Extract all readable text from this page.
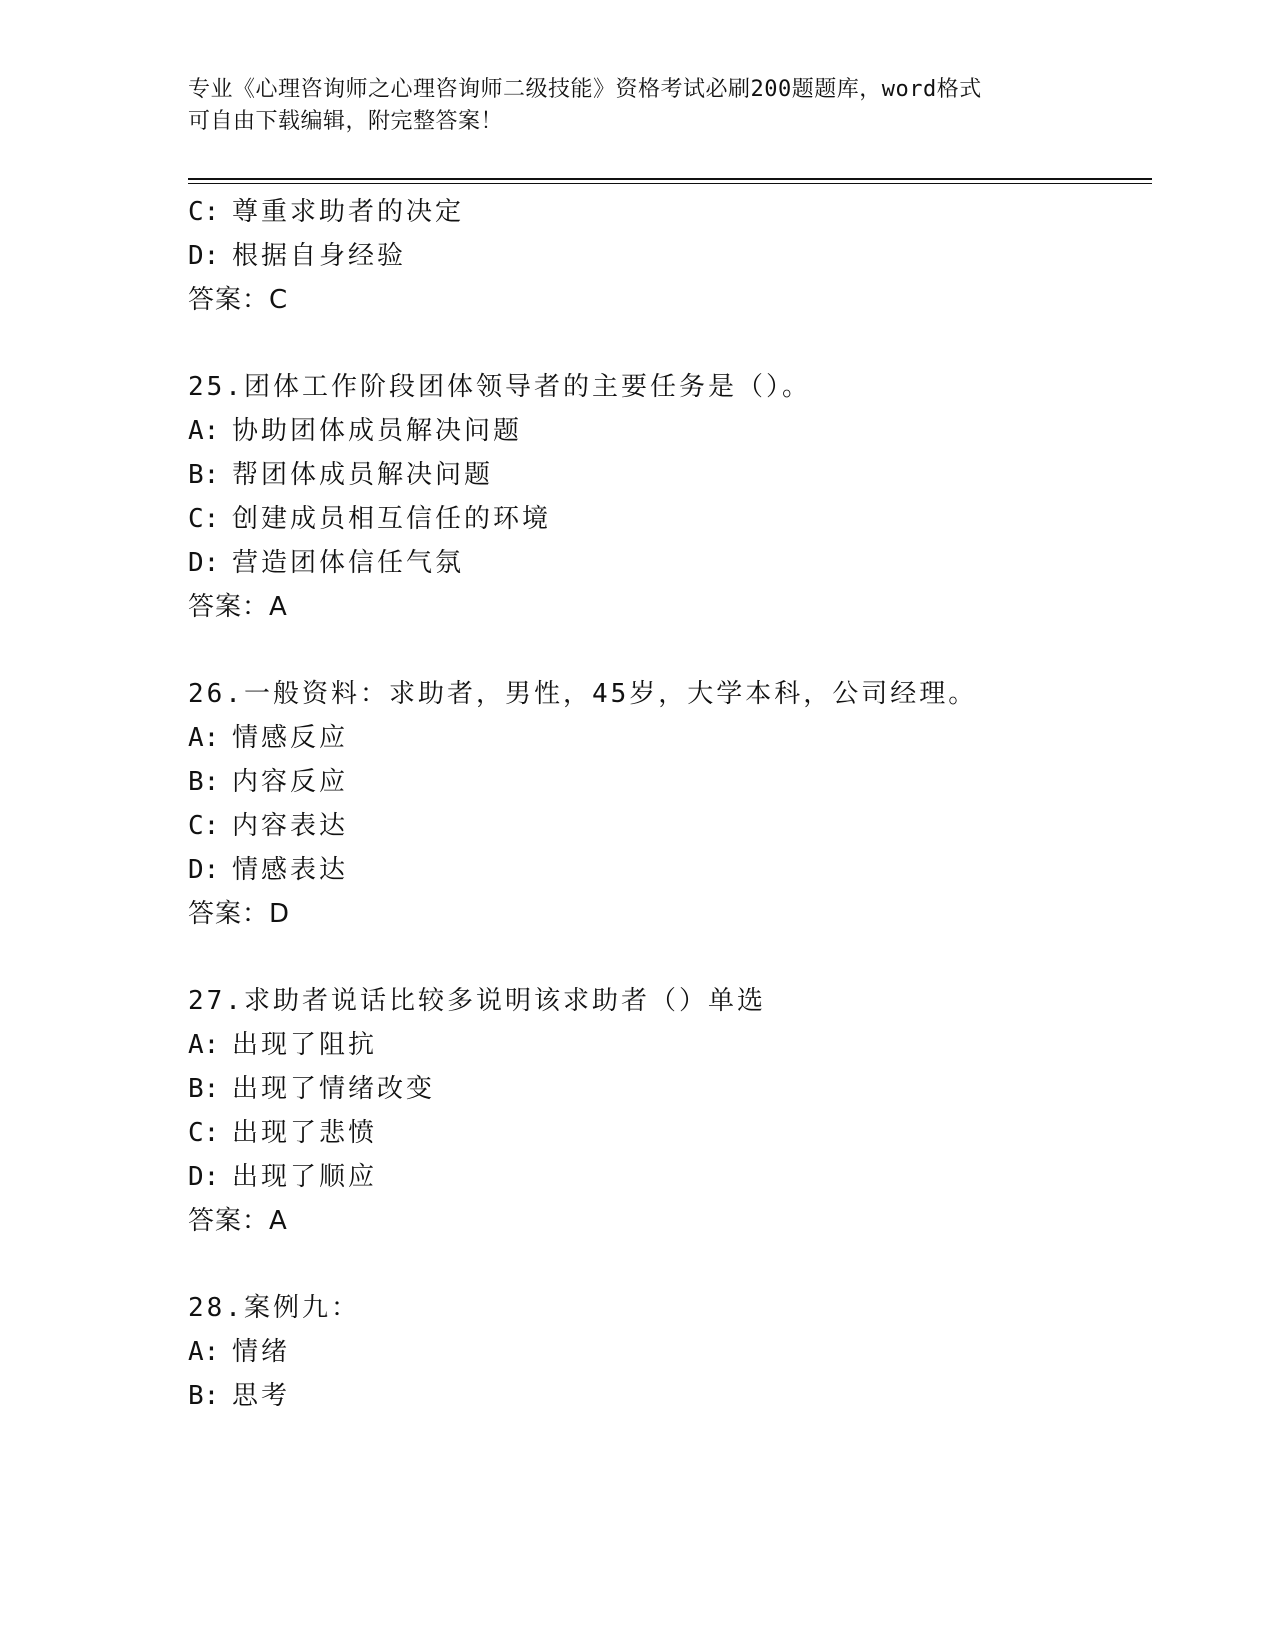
专业《心理咨询师之心理咨询师二级技能》资格考试必刷200题题库，word格式
可自由下载编辑，附完整答案！
C: 尊重求助者的决定
D: 根据自身经验
答案：C
25.团体工作阶段团体领导者的主要任务是（）。
A: 协助团体成员解决问题
B: 帮团体成员解决问题
C: 创建成员相互信任的环境
D: 营造团体信任气氛
答案：A
26.一般资料：求助者，男性，45岁，大学本科，公司经理。
A: 情感反应
B: 内容反应
C: 内容表达
D: 情感表达
答案：D
27.求助者说话比较多说明该求助者（）单选
A: 出现了阻抗
B: 出现了情绪改变
C: 出现了悲愤
D: 出现了顺应
答案：A
28.案例九：
A: 情绪
B: 思考
